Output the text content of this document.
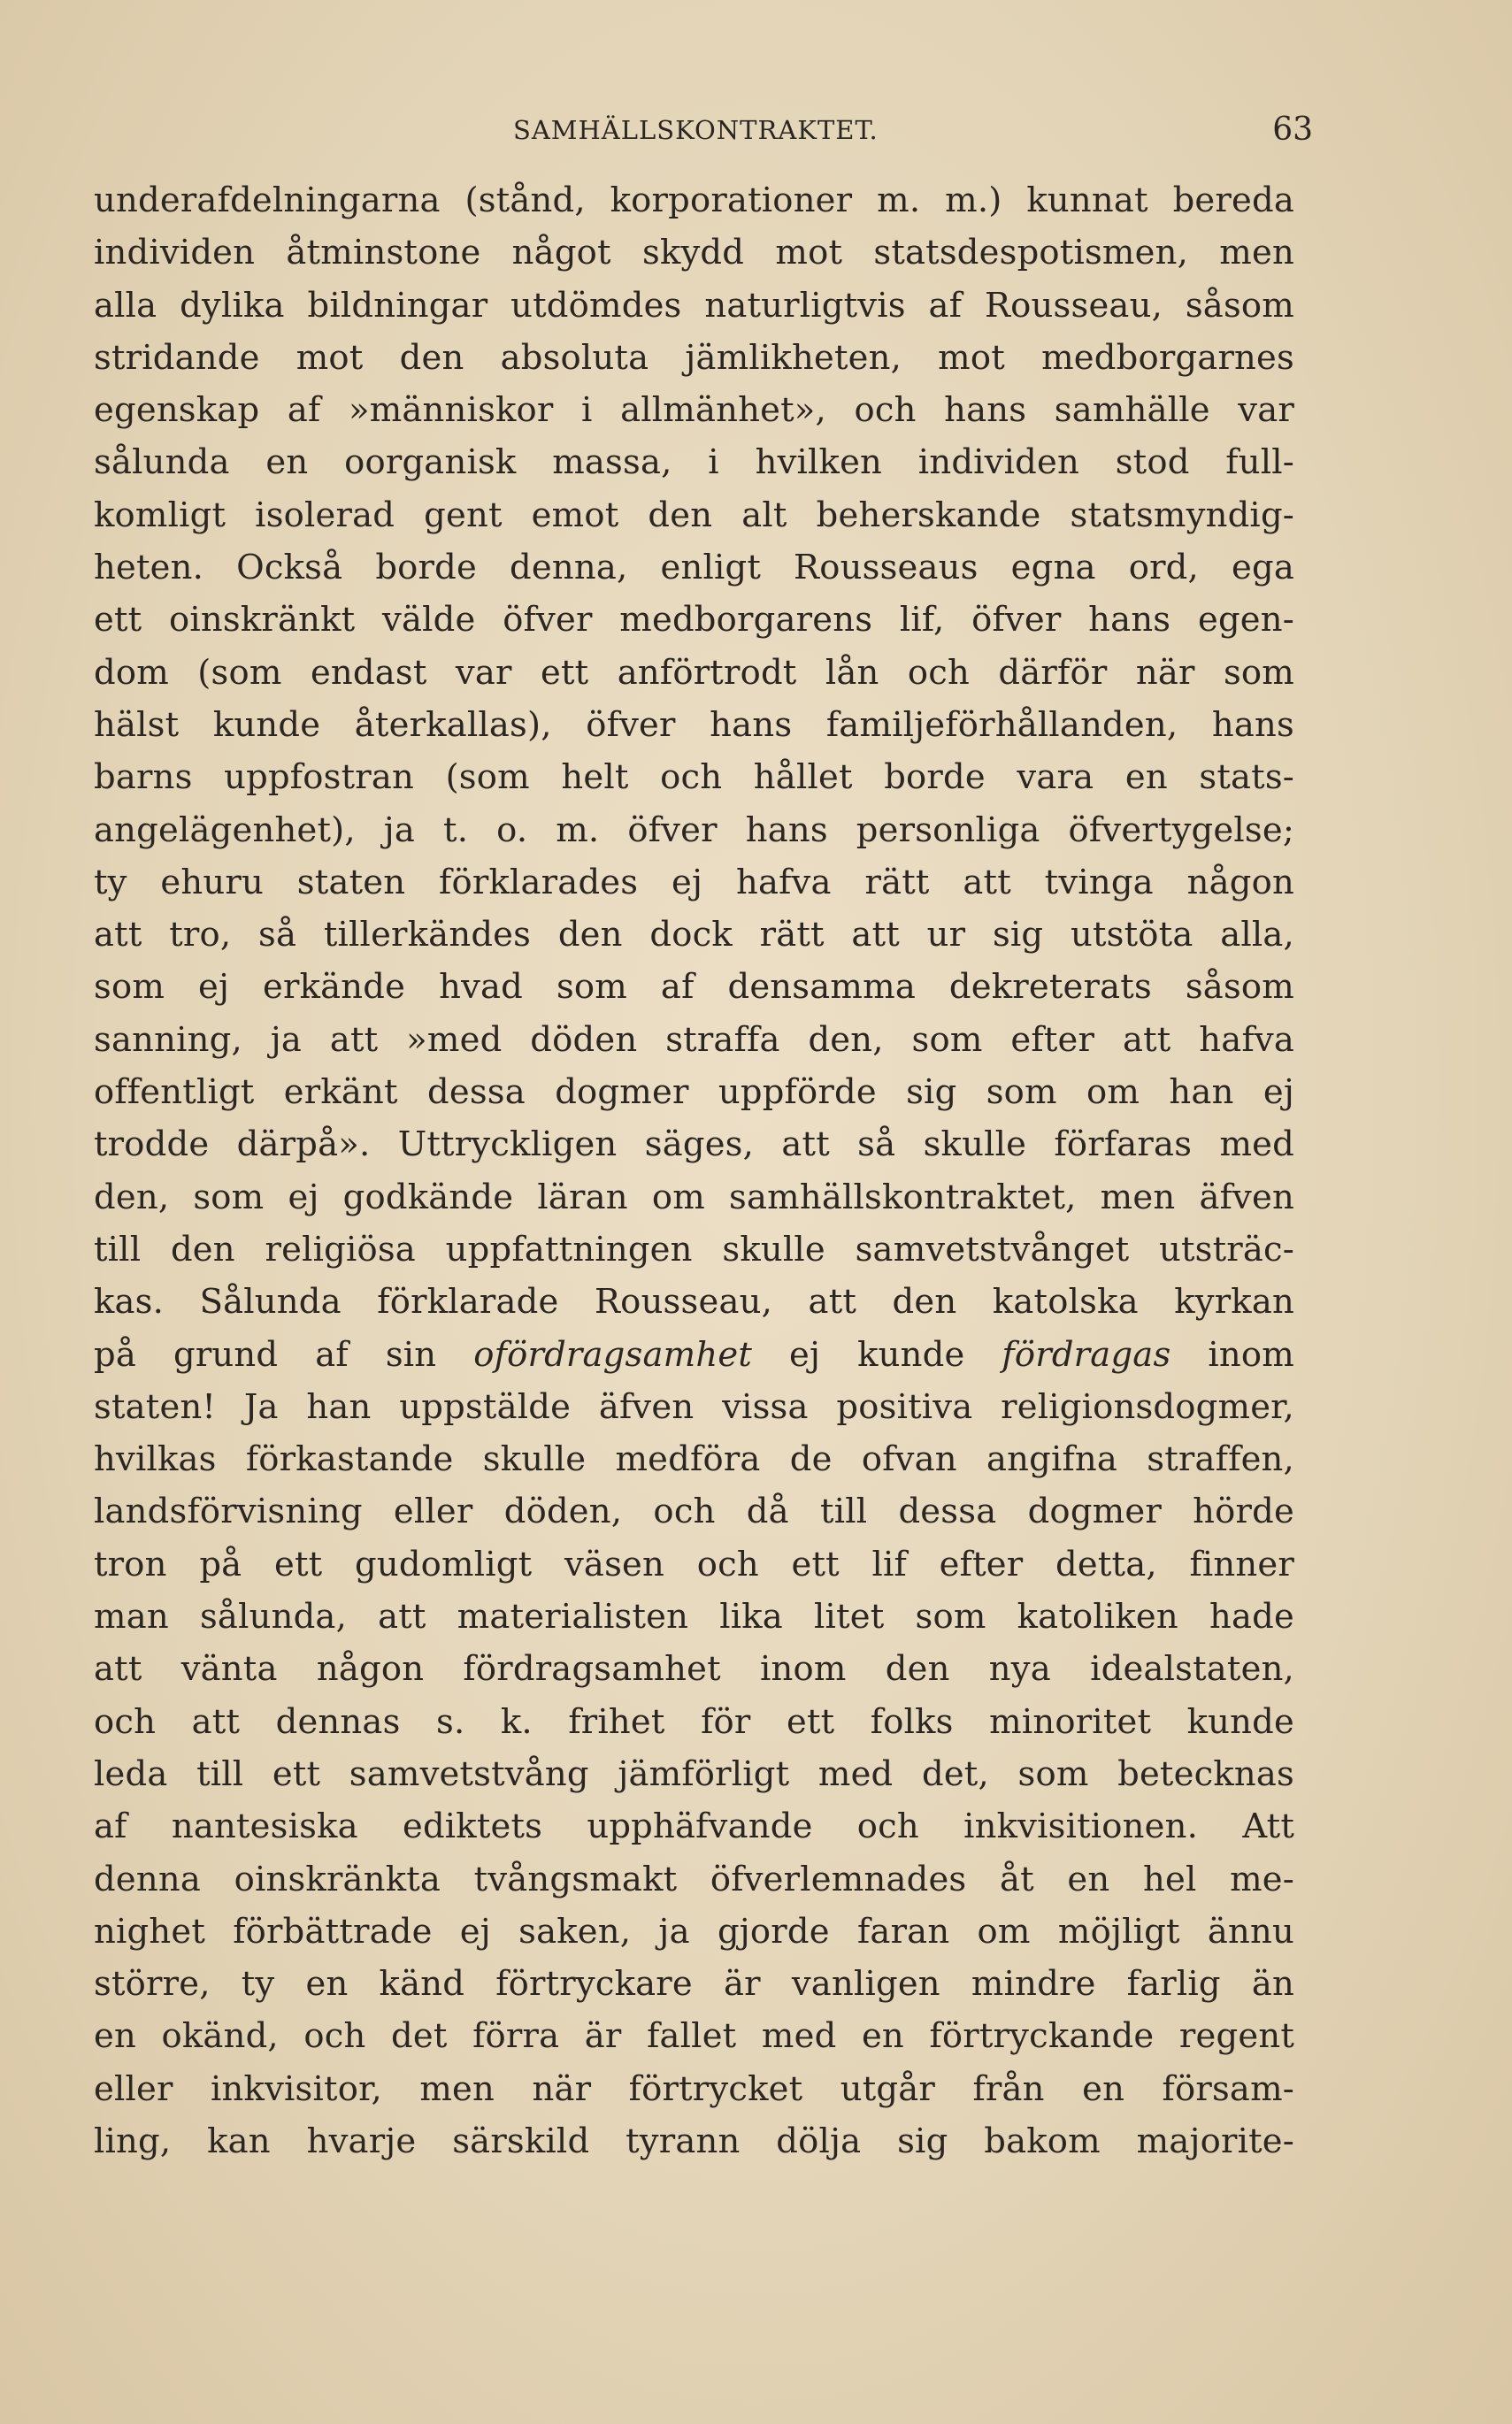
SAMHÄLLSKONTRAKTET.	63
underafdelningarna (stånd, korporationer m. m.) kunnat bereda
individen åtminstone något skydd mot statsdespotismen, men
alla dylika bildningar utdömdes naturligtvis af Rousseau, såsom
stridande mot den absoluta jämlikheten, mot medborgarnes
egenskap af »människor i allmänhet», och hans samhälle var
sålunda en oorganisk massa, i hvilken individen stod full-
komligt isolerad gent emot den alt beherskande statsmyndig-
heten. Också borde denna, enligt Rousseaus egna ord, ega
ett oinskränkt välde öfver medborgarens lif, öfver hans egen-
dom (som endast var ett anförtrodt lån och därför när som
hälst kunde återkallas), öfver hans familjeförhållanden, hans
barns uppfostran (som helt och hållet borde vara en stats-
angelägenhet), ja t. o. m. öfver hans personliga öfvertygelse;
ty ehuru staten förklarades ej hafva rätt att tvinga någon
att tro, så tillerkändes den dock rätt att ur sig utstöta alla,
som ej erkände hvad som af densamma dekreterats såsom
sanning, ja att »med döden straffa den, som efter att hafva
offentligt erkänt dessa dogmer uppförde sig som om han ej
trodde därpå». Uttryckligen säges, att så skulle förfaras med
den, som ej godkände läran om samhällskontraktet, men äfven
till den religiösa uppfattningen skulle samvetstvånget utsträc-
kas. Sålunda förklarade Rousseau, att den katolska kyrkan
på grund af sin ofördragsamhet ej kunde fördragas inom
staten! Ja han uppstälde äfven vissa positiva religionsdogmer,
hvilkas förkastande skulle medföra de ofvan angifna straffen,
landsförvisning eller döden, och då till dessa dogmer hörde
tron på ett gudomligt väsen och ett lif efter detta, finner
man sålunda, att materialisten lika litet som katoliken hade
att vänta någon fördragsamhet inom den nya idealstaten,
och att dennas s. k. frihet för ett folks minoritet kunde
leda till ett samvetstvång jämförligt med det, som betecknas
af nantesiska ediktets upphäfvande och inkvisitionen. Att
denna oinskränkta tvångsmakt öfverlemnades åt en hel me-
nighet förbättrade ej saken, ja gjorde faran om möjligt ännu
större, ty en känd förtryckare är vanligen mindre farlig än
en okänd, och det förra är fallet med en förtryckande regent
eller inkvisitor, men när förtrycket utgår från en försam-
ling, kan hvarje särskild tyrann dölja sig bakom majorite-
